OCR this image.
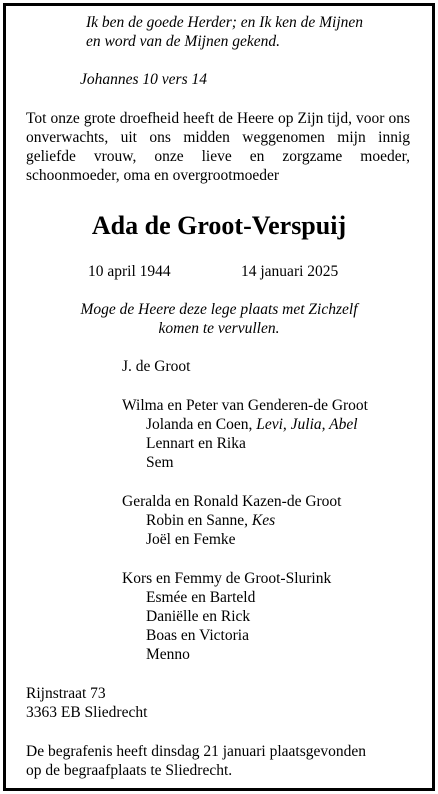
Ik ben de goede Herder; en Ik ken de Mijnen
en word van de Mijnen gekend.
Johannes 10 vers 14
Tot onze grote droefheid heeft de Heere op Zijn tijd, voor ons onverwachts, uit ons midden weggenomen mijn innig geliefde vrouw, onze lieve en zorgzame moeder, schoonmoeder, oma en overgrootmoeder
Ada de Groot-Verspuij
10 april 1944	14 januari 2025
Moge de Heere deze lege plaats met Zichzelf
komen te vervullen.
J. de Groot
Wilma en Peter van Genderen-de Groot
Jolanda en Coen, Levi, Julia, Abel
Lennart en Rika
Sem
Geralda en Ronald Kazen-de Groot
Robin en Sanne, Kes
Joël en Femke
Kors en Femmy de Groot-Slurink
Esmée en Barteld
Daniëlle en Rick
Boas en Victoria
Menno
Rijnstraat 73
3363 EB Sliedrecht
De begrafenis heeft dinsdag 21 januari plaatsgevonden
op de begraafplaats te Sliedrecht.
